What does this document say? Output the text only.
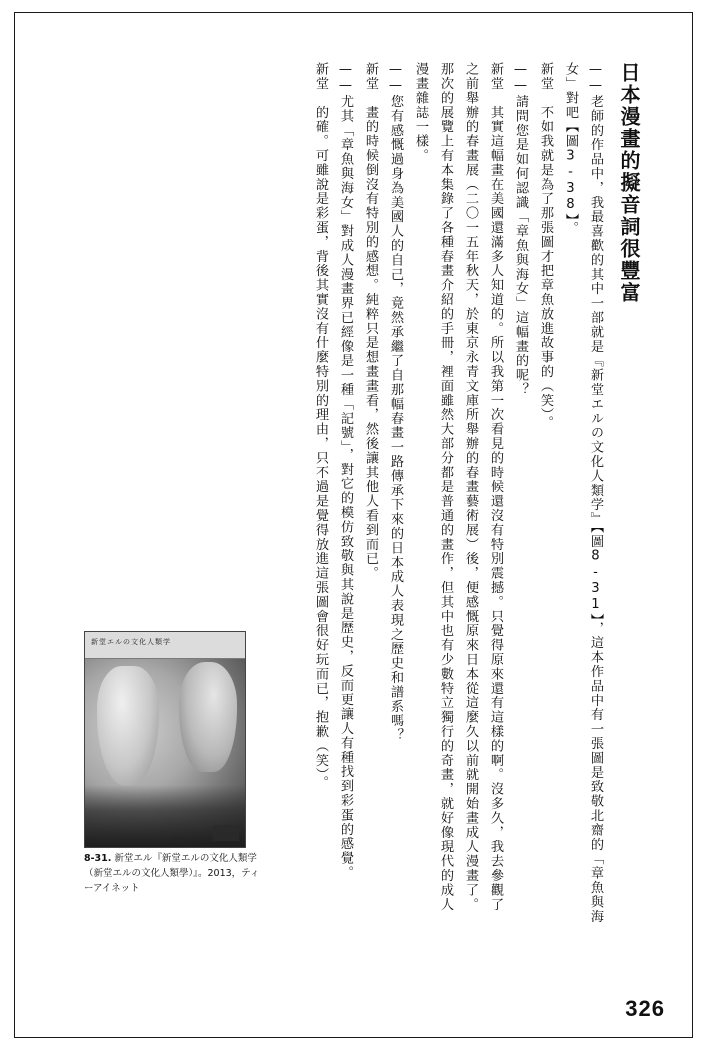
日本漫畫的擬音詞很豐富
——老師的作品中，我最喜歡的其中一部就是『新堂エルの文化人類学』【圖8-31】，這本作品中有一張圖是致敬北齋的「章魚與海女」對吧【圖3-38】。
新堂　不如我就是為了那張圖才把章魚放進故事的（笑）。
——請問您是如何認識「章魚與海女」這幅畫的呢？
新堂　其實這幅畫在美國還滿多人知道的。所以我第一次看見的時候還沒有特別震撼。只覺得原來還有這樣的啊。沒多久，我去參觀了之前舉辦的春畫展（二〇一五年秋天，於東京永青文庫所舉辦的春畫藝術展）後，便感慨原來日本從這麼久以前就開始畫成人漫畫了。那次的展覽上有本集錄了各種春畫介紹的手冊，裡面雖然大部分都是普通的畫作，但其中也有少數特立獨行的奇畫，就好像現代的成人漫畫雜誌一樣。
——您有感慨過身為美國人的自己，竟然承繼了自那幅春畫一路傳承下來的日本成人表現之歷史和譜系嗎？
新堂　畫的時候倒沒有特別的感想。純粹只是想畫畫看，然後讓其他人看到而已。
——尤其「章魚與海女」對成人漫畫界已經像是一種「記號」，對它的模仿致敬與其說是歷史，反而更讓人有種找到彩蛋的感覺。
新堂　的確。可雖說是彩蛋，背後其實沒有什麼特別的理由，只不過是覺得放進這張圖會很好玩而已，抱歉（笑）。
新堂エルの文化人類学
8-31. 新堂エル『新堂エルの文化人類学（新堂エルの文化人類學）』。2013，ティーアイネット
326
